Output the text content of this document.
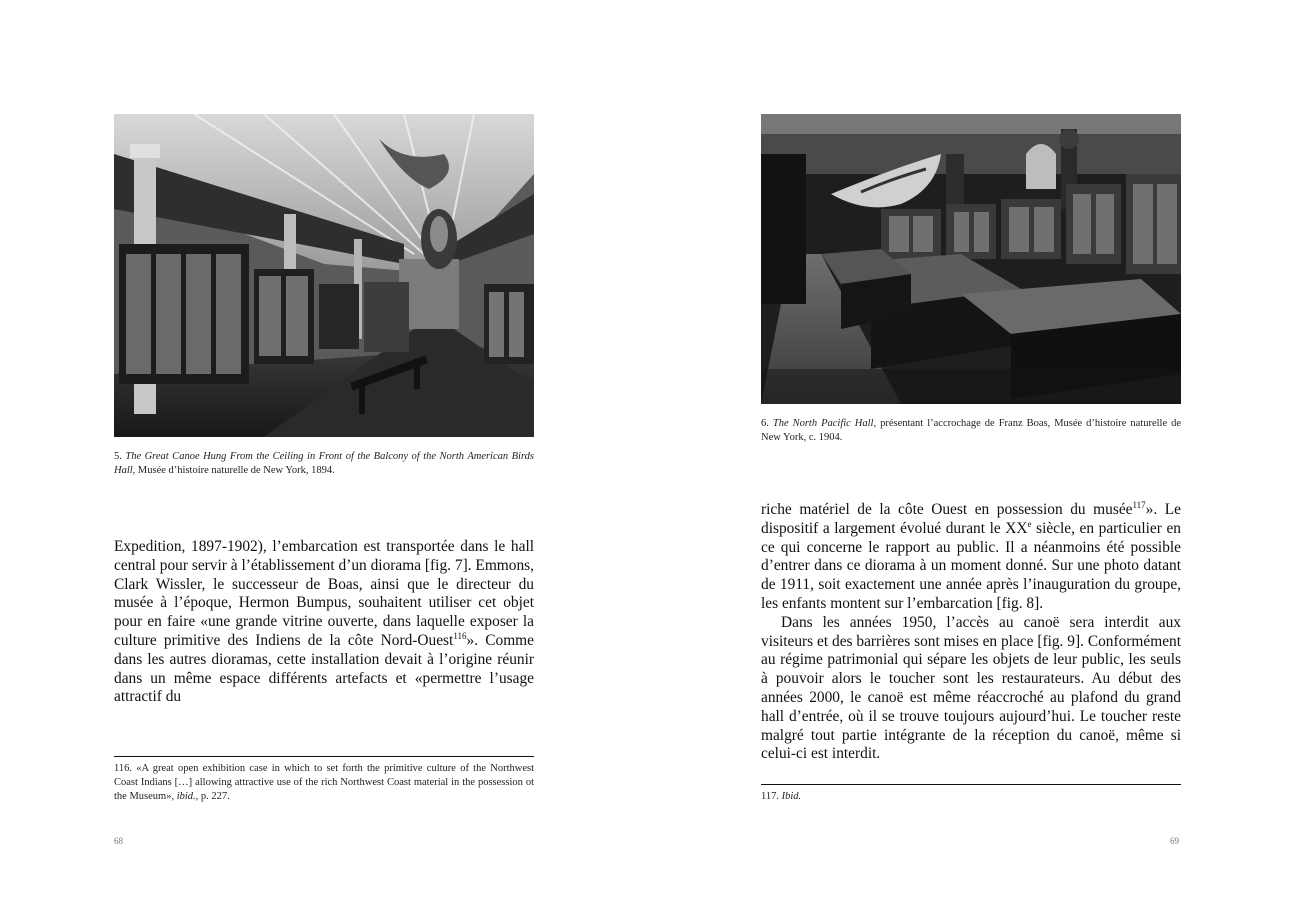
5. The Great Canoe Hung From the Ceiling in Front of the Balcony of the North American Birds Hall, Musée d’histoire naturelle de New York, 1894.

Expedition, 1897-1902), l’embarcation est transportée dans le hall central pour servir à l’établissement d’un diorama [fig. 7]. Emmons, Clark Wissler, le successeur de Boas, ainsi que le directeur du musée à l’époque, Hermon Bumpus, souhaitent utiliser cet objet pour en faire «une grande vitrine ouverte, dans laquelle exposer la culture primitive des Indiens de la côte Nord-Ouest$^{116}$». Comme dans les autres dioramas, cette installation devait à l’origine réunir dans un même espace différents artefacts et «permettre l’usage attractif du

116. «A great open exhibition case in which to set forth the primitive culture of the Northwest Coast Indians […] allowing attractive use of the rich Northwest Coast material in the possession ot the Museum», ibid., p. 227.
68
6. The North Pacific Hall, présentant l’accrochage de Franz Boas, Musée d’histoire naturelle de New York, c. 1904.

riche matériel de la côte Ouest en possession du musée$^{117}$». Le dispositif a largement évolué durant le XXe siècle, en particulier en ce qui concerne le rapport au public. Il a néanmoins été possible d’entrer dans ce diorama à un moment donné. Sur une photo datant de 1911, soit exactement une année après l’inauguration du groupe, les enfants montent sur l’embarcation [fig. 8].

Dans les années 1950, l’accès au canoë sera interdit aux visiteurs et des barrières sont mises en place [fig. 9]. Conformément au régime patrimonial qui sépare les objets de leur public, les seuls à pouvoir alors le toucher sont les restaurateurs. Au début des années 2000, le canoë est même réaccroché au plafond du grand hall d’entrée, où il se trouve toujours aujourd’hui. Le toucher reste malgré tout partie intégrante de la réception du canoë, même si celui-ci est interdit.

117. Ibid.
69
